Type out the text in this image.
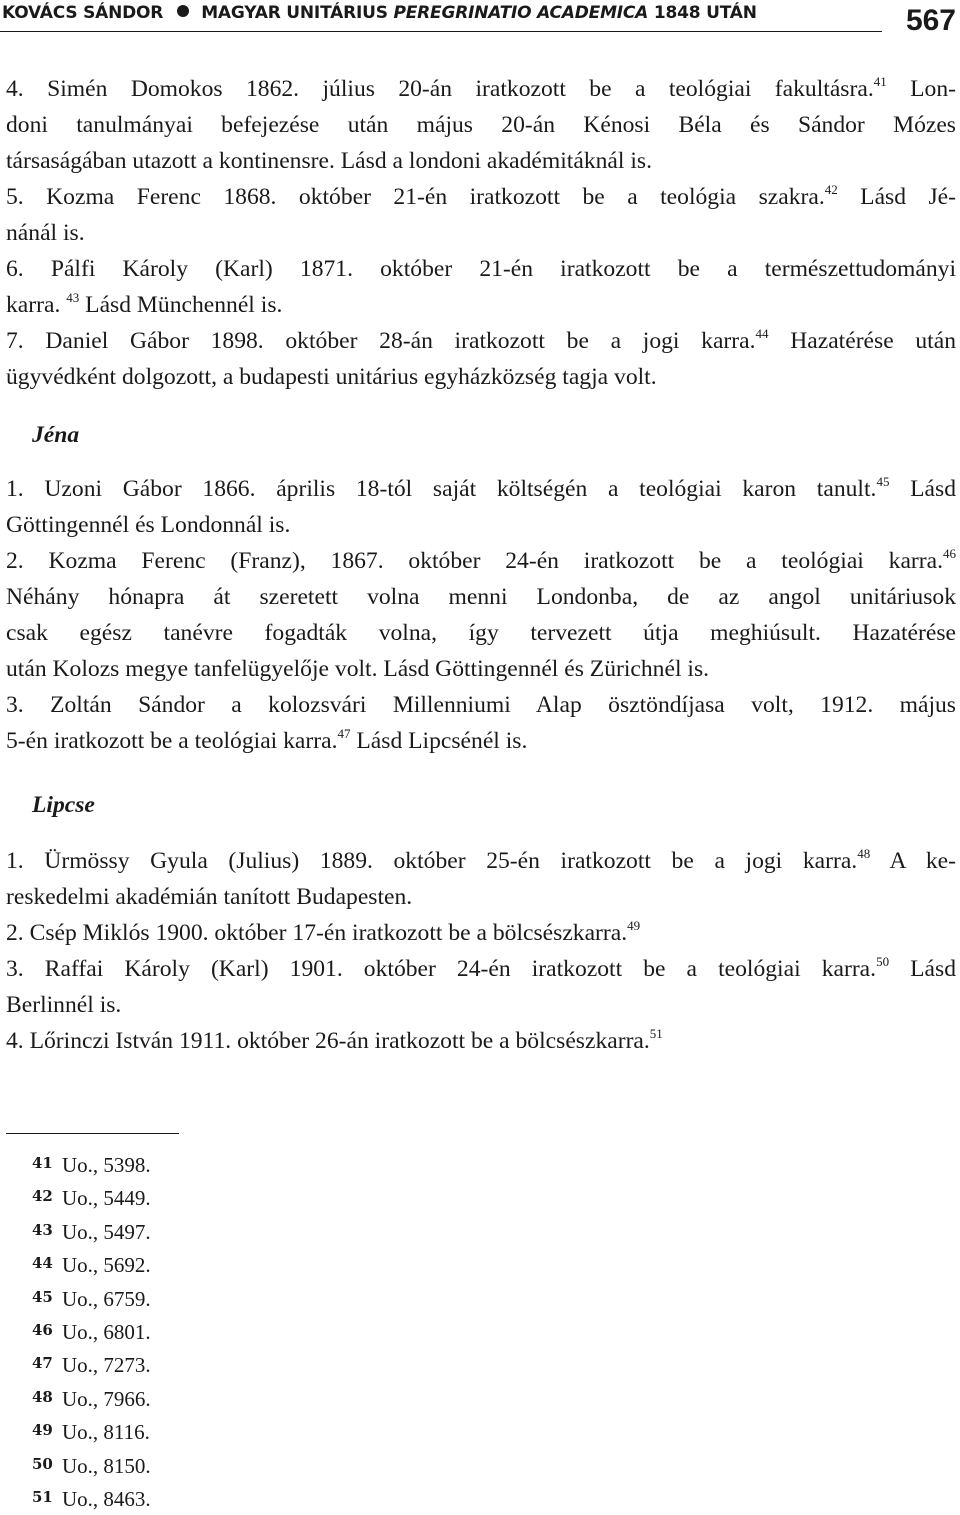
KOVÁCS SÁNDOR MAGYAR UNITÁRIUS PEREGRINATIO ACADEMICA 1848 UTÁN	567

4. Simén Domokos 1862. július 20-án iratkozott be a teológiai fakultásra.$^{41}$ Lon-

doni tanulmányai befejezése után május 20-án Kénosi Béla és Sándor Mózes

társaságában utazott a kontinensre. Lásd a londoni akadémitáknál is.

5. Kozma Ferenc 1868. október 21-én iratkozott be a teológia szakra.$^{42}$ Lásd Jé-

nánál is.

6. Pálfi Károly (Karl) 1871. október 21-én iratkozott be a természettudományi

karra. $^{43}$ Lásd Münchennél is.

7. Daniel Gábor 1898. október 28-án iratkozott be a jogi karra.$^{44}$ Hazatérése után

ügyvédként dolgozott, a budapesti unitárius egyházközség tagja volt.

Jéna

1. Uzoni Gábor 1866. április 18-tól saját költségén a teológiai karon tanult.$^{45}$ Lásd

Göttingennél és Londonnál is.

2. Kozma Ferenc (Franz), 1867. október 24-én iratkozott be a teológiai karra.$^{46}$

Néhány hónapra át szeretett volna menni Londonba, de az angol unitáriusok

csak egész tanévre fogadták volna, így tervezett útja meghiúsult. Hazatérése

után Kolozs megye tanfelügyelője volt. Lásd Göttingennél és Zürichnél is.

3. Zoltán Sándor a kolozsvári Millenniumi Alap ösztöndíjasa volt, 1912. május

5-én iratkozott be a teológiai karra.$^{47}$ Lásd Lipcsénél is.

Lipcse

1. Ürmössy Gyula (Julius) 1889. október 25-én iratkozott be a jogi karra.$^{48}$ A ke-

reskedelmi akadémián tanított Budapesten.

2. Csép Miklós 1900. október 17-én iratkozott be a bölcsészkarra.$^{49}$

3. Raffai Károly (Karl) 1901. október 24-én iratkozott be a teológiai karra.$^{50}$ Lásd

Berlinnél is.

4. Lőrinczi István 1911. október 26-án iratkozott be a bölcsészkarra.$^{51}$

41 Uo., 5398.
42 Uo., 5449.
43 Uo., 5497.
44 Uo., 5692.
45 Uo., 6759.
46 Uo., 6801.
47 Uo., 7273.
48 Uo., 7966.
49 Uo., 8116.
50 Uo., 8150.
51 Uo., 8463.
